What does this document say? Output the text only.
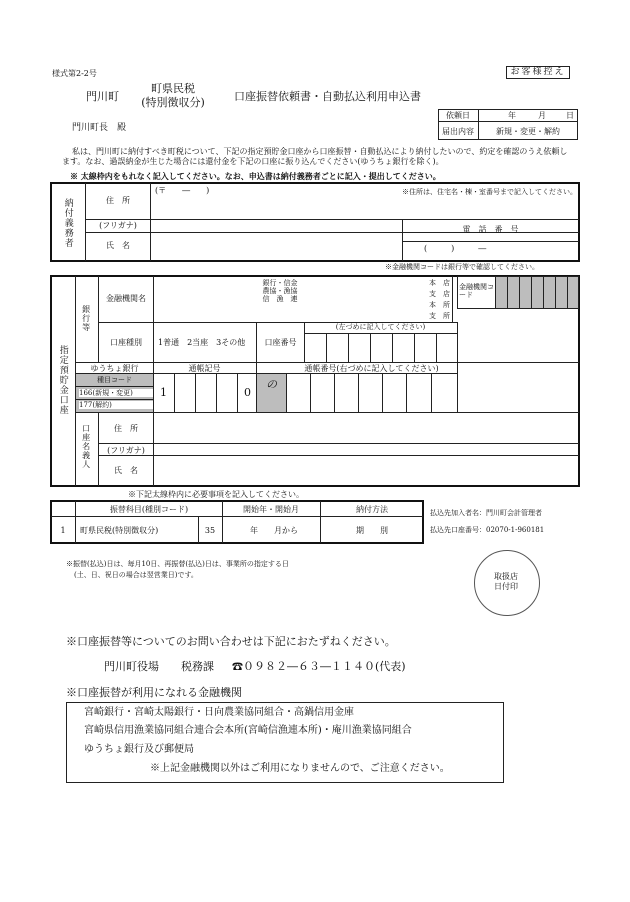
様式第2-2号	お客様控え
門川町
町県民税
(特別徴収分)	口座振替依頼書・自動払込利用申込書
門川町長　殿
依頼日	年	月	日
届出内容	新規・変更・解約
私は、門川町に納付すべき町税について、下記の指定預貯金口座から口座振替・自動払込により納付したいので、約定を確認のうえ依頼します。なお、過誤納金が生じた場合には還付金を下記の口座に振り込んでください(ゆうちょ銀行を除く)。
※ 太線枠内をもれなく記入してください。なお、申込書は納付義務者ごとに記入・提出してください。
納付義務者	住　所
(〒　　―　　)	※住所は、住宅名・棟・室番号まで記入してください。
(フリガナ)
氏　名
電　話　番　号
(　　　)　　　―
※金融機関コードは銀行等で確認してください。
指定預貯金口座
銀行等
金融機関名
銀行・信金
農協・漁協
信　漁　連
本　店
支　店
本　所
支　所
金融機関コード
口座種別	1普通　2当座　3その他	口座番号
(左づめに記入してください)
ゆうちょ銀行	通帳記号	通帳番号(右づめに記入してください)
種目コード
166(新規・変更)
177(解約)
1	0
の
口座名義人	住　所
(フリガナ)
氏　名
※下記太線枠内に必要事項を記入してください。
振替科目(種別コード)	開始年・開始月	納付方法
1	町県民税(特別徴収分)	35	年　　月から	期　　別
払込先加入者名：門川町会計管理者
払込先口座番号：02070-1-960181
※振替(払込)日は、毎月10日、再振替(払込)日は、事業所の指定する日
(土、日、祝日の場合は翌営業日)です。	取扱店
日付印
※口座振替等についてのお問い合わせは下記におたずねください。
門川町役場　　税務課 ☎０９８２―６３―１１４０(代表)
※口座振替が利用になれる金融機関
宮崎銀行・宮崎太陽銀行・日向農業協同組合・高鍋信用金庫
宮崎県信用漁業協同組合連合会本所(宮崎信漁連本所)・庵川漁業協同組合
ゆうちょ銀行及び郵便局
※上記金融機関以外はご利用になりませんので、ご注意ください。
